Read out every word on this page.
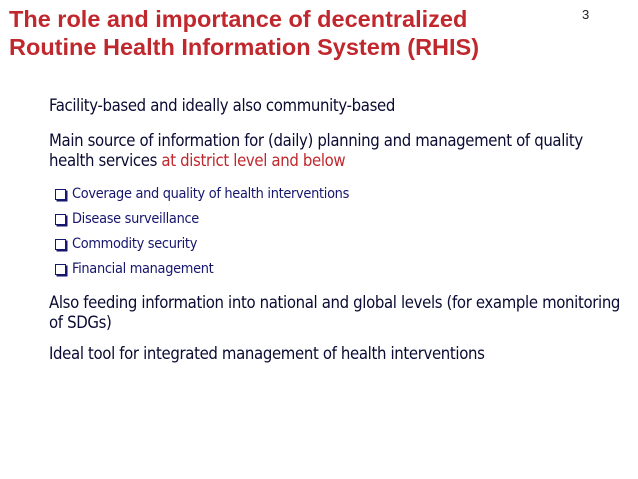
The role and importance of decentralized
Routine Health Information System (RHIS)
3
Facility-based and ideally also community-based
Main source of information for (daily) planning and management of quality health services at district level and below
Coverage and quality of health interventions
Disease surveillance
Commodity security
Financial management
Also feeding information into national and global levels (for example monitoring of SDGs)
Ideal tool for integrated management of health interventions
